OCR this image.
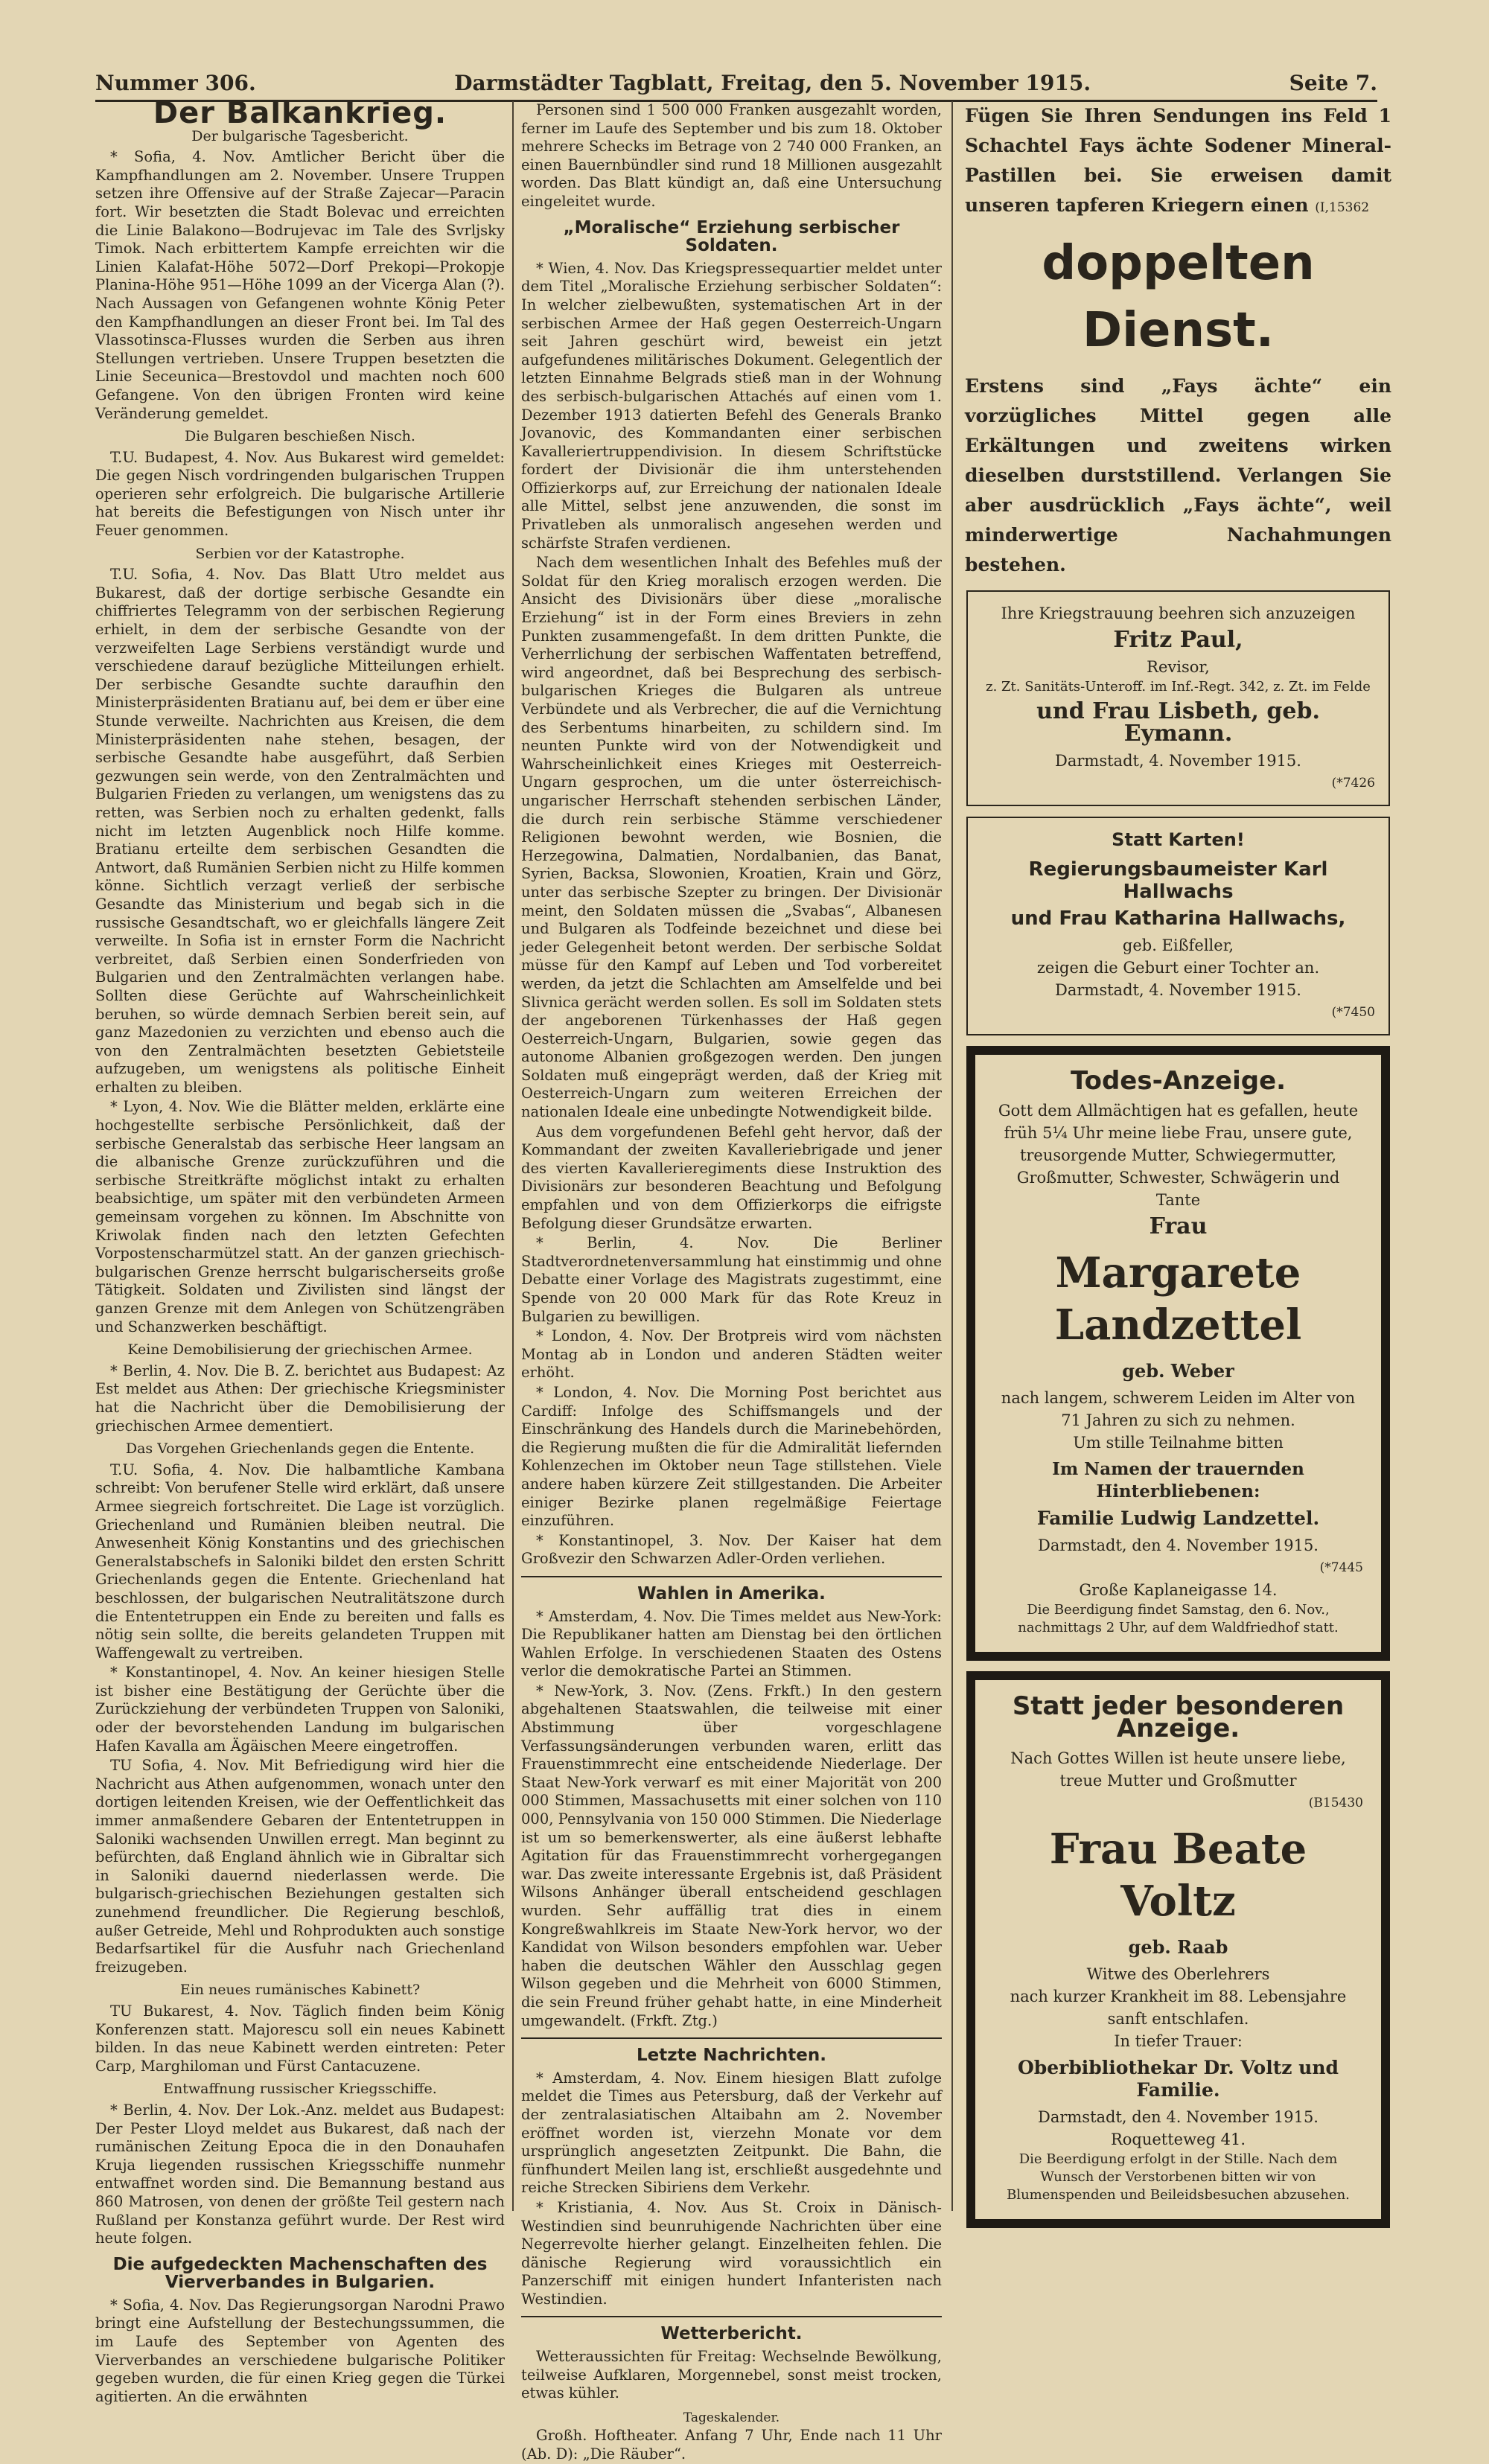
Nummer 306.	Darmstädter Tagblatt, Freitag, den 5. November 1915.	Seite 7.
Der Balkankrieg.
Der bulgarische Tagesbericht.

* Sofia, 4. Nov. Amtlicher Bericht über die Kampfhandlungen am 2. November. Unsere Truppen setzen ihre Offensive auf der Straße Zajecar—Paracin fort. Wir besetzten die Stadt Bolevac und erreichten die Linie Balakono—Bodrujevac im Tale des Svrljsky Timok. Nach erbittertem Kampfe erreichten wir die Linien Kalafat-Höhe 5072—Dorf Prekopi—Prokopje Planina-Höhe 951—Höhe 1099 an der Vicerga Alan (?). Nach Aussagen von Gefangenen wohnte König Peter den Kampfhandlungen an dieser Front bei. Im Tal des Vlassotinsca-Flusses wurden die Serben aus ihren Stellungen vertrieben. Unsere Truppen besetzten die Linie Seceunica—Brestovdol und machten noch 600 Gefangene. Von den übrigen Fronten wird keine Veränderung gemeldet.

Die Bulgaren beschießen Nisch.

T.U. Budapest, 4. Nov. Aus Bukarest wird gemeldet: Die gegen Nisch vordringenden bulgarischen Truppen operieren sehr erfolgreich. Die bulgarische Artillerie hat bereits die Befestigungen von Nisch unter ihr Feuer genommen.

Serbien vor der Katastrophe.

T.U. Sofia, 4. Nov. Das Blatt Utro meldet aus Bukarest, daß der dortige serbische Gesandte ein chiffriertes Telegramm von der serbischen Regierung erhielt, in dem der serbische Gesandte von der verzweifelten Lage Serbiens verständigt wurde und verschiedene darauf bezügliche Mitteilungen erhielt. Der serbische Gesandte suchte daraufhin den Ministerpräsidenten Bratianu auf, bei dem er über eine Stunde verweilte. Nachrichten aus Kreisen, die dem Ministerpräsidenten nahe stehen, besagen, der serbische Gesandte habe ausgeführt, daß Serbien gezwungen sein werde, von den Zentralmächten und Bulgarien Frieden zu verlangen, um wenigstens das zu retten, was Serbien noch zu erhalten gedenkt, falls nicht im letzten Augenblick noch Hilfe komme. Bratianu erteilte dem serbischen Gesandten die Antwort, daß Rumänien Serbien nicht zu Hilfe kommen könne. Sichtlich verzagt verließ der serbische Gesandte das Ministerium und begab sich in die russische Gesandtschaft, wo er gleichfalls längere Zeit verweilte. In Sofia ist in ernster Form die Nachricht verbreitet, daß Serbien einen Sonderfrieden von Bulgarien und den Zentralmächten verlangen habe. Sollten diese Gerüchte auf Wahrscheinlichkeit beruhen, so würde demnach Serbien bereit sein, auf ganz Mazedonien zu verzichten und ebenso auch die von den Zentralmächten besetzten Gebietsteile aufzugeben, um wenigstens als politische Einheit erhalten zu bleiben.

* Lyon, 4. Nov. Wie die Blätter melden, erklärte eine hochgestellte serbische Persönlichkeit, daß der serbische Generalstab das serbische Heer langsam an die albanische Grenze zurückzuführen und die serbische Streitkräfte möglichst intakt zu erhalten beabsichtige, um später mit den verbündeten Armeen gemeinsam vorgehen zu können. Im Abschnitte von Kriwolak finden nach den letzten Gefechten Vorpostenscharmützel statt. An der ganzen griechisch-bulgarischen Grenze herrscht bulgarischerseits große Tätigkeit. Soldaten und Zivilisten sind längst der ganzen Grenze mit dem Anlegen von Schützengräben und Schanzwerken beschäftigt.

Keine Demobilisierung der griechischen Armee.

* Berlin, 4. Nov. Die B. Z. berichtet aus Budapest: Az Est meldet aus Athen: Der griechische Kriegsminister hat die Nachricht über die Demobilisierung der griechischen Armee dementiert.

Das Vorgehen Griechenlands gegen die Entente.

T.U. Sofia, 4. Nov. Die halbamtliche Kambana schreibt: Von berufener Stelle wird erklärt, daß unsere Armee siegreich fortschreitet. Die Lage ist vorzüglich. Griechenland und Rumänien bleiben neutral. Die Anwesenheit König Konstantins und des griechischen Generalstabschefs in Saloniki bildet den ersten Schritt Griechenlands gegen die Entente. Griechenland hat beschlossen, der bulgarischen Neutralitätszone durch die Ententetruppen ein Ende zu bereiten und falls es nötig sein sollte, die bereits gelandeten Truppen mit Waffengewalt zu vertreiben.

* Konstantinopel, 4. Nov. An keiner hiesigen Stelle ist bisher eine Bestätigung der Gerüchte über die Zurückziehung der verbündeten Truppen von Saloniki, oder der bevorstehenden Landung im bulgarischen Hafen Kavalla am Ägäischen Meere eingetroffen.

TU Sofia, 4. Nov. Mit Befriedigung wird hier die Nachricht aus Athen aufgenommen, wonach unter den dortigen leitenden Kreisen, wie der Oeffentlichkeit das immer anmaßendere Gebaren der Ententetruppen in Saloniki wachsenden Unwillen erregt. Man beginnt zu befürchten, daß England ähnlich wie in Gibraltar sich in Saloniki dauernd niederlassen werde. Die bulgarisch-griechischen Beziehungen gestalten sich zunehmend freundlicher. Die Regierung beschloß, außer Getreide, Mehl und Rohprodukten auch sonstige Bedarfsartikel für die Ausfuhr nach Griechenland freizugeben.

Ein neues rumänisches Kabinett?

TU Bukarest, 4. Nov. Täglich finden beim König Konferenzen statt. Majorescu soll ein neues Kabinett bilden. In das neue Kabinett werden eintreten: Peter Carp, Marghiloman und Fürst Cantacuzene.

Entwaffnung russischer Kriegsschiffe.

* Berlin, 4. Nov. Der Lok.-Anz. meldet aus Budapest: Der Pester Lloyd meldet aus Bukarest, daß nach der rumänischen Zeitung Epoca die in den Donauhafen Kruja liegenden russischen Kriegsschiffe nunmehr entwaffnet worden sind. Die Bemannung bestand aus 860 Matrosen, von denen der größte Teil gestern nach Rußland per Konstanza geführt wurde. Der Rest wird heute folgen.

Die aufgedeckten Machenschaften des Vierverbandes in Bulgarien.

* Sofia, 4. Nov. Das Regierungsorgan Narodni Prawo bringt eine Aufstellung der Bestechungssummen, die im Laufe des September von Agenten des Vierverbandes an verschiedene bulgarische Politiker gegeben wurden, die für einen Krieg gegen die Türkei agitierten. An die erwähnten

Personen sind 1 500 000 Franken ausgezahlt worden, ferner im Laufe des September und bis zum 18. Oktober mehrere Schecks im Betrage von 2 740 000 Franken, an einen Bauernbündler sind rund 18 Millionen ausgezahlt worden. Das Blatt kündigt an, daß eine Untersuchung eingeleitet wurde.

„Moralische“ Erziehung serbischer Soldaten.

* Wien, 4. Nov. Das Kriegspressequartier meldet unter dem Titel „Moralische Erziehung serbischer Soldaten“: In welcher zielbewußten, systematischen Art in der serbischen Armee der Haß gegen Oesterreich-Ungarn seit Jahren geschürt wird, beweist ein jetzt aufgefundenes militärisches Dokument. Gelegentlich der letzten Einnahme Belgrads stieß man in der Wohnung des serbisch-bulgarischen Attachés auf einen vom 1. Dezember 1913 datierten Befehl des Generals Branko Jovanovic, des Kommandanten einer serbischen Kavalleriertruppendivision. In diesem Schriftstücke fordert der Divisionär die ihm unterstehenden Offizierkorps auf, zur Erreichung der nationalen Ideale alle Mittel, selbst jene anzuwenden, die sonst im Privatleben als unmoralisch angesehen werden und schärfste Strafen verdienen.

Nach dem wesentlichen Inhalt des Befehles muß der Soldat für den Krieg moralisch erzogen werden. Die Ansicht des Divisionärs über diese „moralische Erziehung“ ist in der Form eines Breviers in zehn Punkten zusammengefaßt. In dem dritten Punkte, die Verherrlichung der serbischen Waffentaten betreffend, wird angeordnet, daß bei Besprechung des serbisch-bulgarischen Krieges die Bulgaren als untreue Verbündete und als Verbrecher, die auf die Vernichtung des Serbentums hinarbeiten, zu schildern sind. Im neunten Punkte wird von der Notwendigkeit und Wahrscheinlichkeit eines Krieges mit Oesterreich-Ungarn gesprochen, um die unter österreichisch-ungarischer Herrschaft stehenden serbischen Länder, die durch rein serbische Stämme verschiedener Religionen bewohnt werden, wie Bosnien, die Herzegowina, Dalmatien, Nordalbanien, das Banat, Syrien, Backsa, Slowonien, Kroatien, Krain und Görz, unter das serbische Szepter zu bringen. Der Divisionär meint, den Soldaten müssen die „Svabas“, Albanesen und Bulgaren als Todfeinde bezeichnet und diese bei jeder Gelegenheit betont werden. Der serbische Soldat müsse für den Kampf auf Leben und Tod vorbereitet werden, da jetzt die Schlachten am Amselfelde und bei Slivnica gerächt werden sollen. Es soll im Soldaten stets der angeborenen Türkenhasses der Haß gegen Oesterreich-Ungarn, Bulgarien, sowie gegen das autonome Albanien großgezogen werden. Den jungen Soldaten muß eingeprägt werden, daß der Krieg mit Oesterreich-Ungarn zum weiteren Erreichen der nationalen Ideale eine unbedingte Notwendigkeit bilde.

Aus dem vorgefundenen Befehl geht hervor, daß der Kommandant der zweiten Kavalleriebrigade und jener des vierten Kavallerieregiments diese Instruktion des Divisionärs zur besonderen Beachtung und Befolgung empfahlen und von dem Offizierkorps die eifrigste Befolgung dieser Grundsätze erwarten.

* Berlin, 4. Nov. Die Berliner Stadtverordnetenversammlung hat einstimmig und ohne Debatte einer Vorlage des Magistrats zugestimmt, eine Spende von 20 000 Mark für das Rote Kreuz in Bulgarien zu bewilligen.

* London, 4. Nov. Der Brotpreis wird vom nächsten Montag ab in London und anderen Städten weiter erhöht.

* London, 4. Nov. Die Morning Post berichtet aus Cardiff: Infolge des Schiffsmangels und der Einschränkung des Handels durch die Marinebehörden, die Regierung mußten die für die Admiralität liefernden Kohlenzechen im Oktober neun Tage stillstehen. Viele andere haben kürzere Zeit stillgestanden. Die Arbeiter einiger Bezirke planen regelmäßige Feiertage einzuführen.

* Konstantinopel, 3. Nov. Der Kaiser hat dem Großvezir den Schwarzen Adler-Orden verliehen.

Wahlen in Amerika.

* Amsterdam, 4. Nov. Die Times meldet aus New-York: Die Republikaner hatten am Dienstag bei den örtlichen Wahlen Erfolge. In verschiedenen Staaten des Ostens verlor die demokratische Partei an Stimmen.

* New-York, 3. Nov. (Zens. Frkft.) In den gestern abgehaltenen Staatswahlen, die teilweise mit einer Abstimmung über vorgeschlagene Verfassungsänderungen verbunden waren, erlitt das Frauenstimmrecht eine entscheidende Niederlage. Der Staat New-York verwarf es mit einer Majorität von 200 000 Stimmen, Massachusetts mit einer solchen von 110 000, Pennsylvania von 150 000 Stimmen. Die Niederlage ist um so bemerkenswerter, als eine äußerst lebhafte Agitation für das Frauenstimmrecht vorhergegangen war. Das zweite interessante Ergebnis ist, daß Präsident Wilsons Anhänger überall entscheidend geschlagen wurden. Sehr auffällig trat dies in einem Kongreßwahlkreis im Staate New-York hervor, wo der Kandidat von Wilson besonders empfohlen war. Ueber haben die deutschen Wähler den Ausschlag gegen Wilson gegeben und die Mehrheit von 6000 Stimmen, die sein Freund früher gehabt hatte, in eine Minderheit umgewandelt. (Frkft. Ztg.)

Letzte Nachrichten.

* Amsterdam, 4. Nov. Einem hiesigen Blatt zufolge meldet die Times aus Petersburg, daß der Verkehr auf der zentralasiatischen Altaibahn am 2. November eröffnet worden ist, vierzehn Monate vor dem ursprünglich angesetzten Zeitpunkt. Die Bahn, die fünfhundert Meilen lang ist, erschließt ausgedehnte und reiche Strecken Sibiriens dem Verkehr.

* Kristiania, 4. Nov. Aus St. Croix in Dänisch-Westindien sind beunruhigende Nachrichten über eine Negerrevolte hierher gelangt. Einzelheiten fehlen. Die dänische Regierung wird voraussichtlich ein Panzerschiff mit einigen hundert Infanteristen nach Westindien.

Wetterbericht.

Wetteraussichten für Freitag: Wechselnde Bewölkung, teilweise Aufklaren, Morgennebel, sonst meist trocken, etwas kühler.

Tageskalender.

Großh. Hoftheater. Anfang 7 Uhr, Ende nach 11 Uhr (Ab. D): „Die Räuber“.

Fügen Sie Ihren Sendungen ins Feld 1 Schachtel Fays ächte Sodener Mineral-Pastillen bei. Sie erweisen damit unseren tapferen Kriegern einen (I,15362
doppelten Dienst.
Erstens sind „Fays ächte“ ein vorzügliches Mittel gegen alle Erkältungen und zweitens wirken dieselben durststillend. Verlangen Sie aber ausdrücklich „Fays ächte“, weil minderwertige Nachahmungen bestehen.
Ihre Kriegstrauung beehren sich anzuzeigen
Fritz Paul,
Revisor,
z. Zt. Sanitäts-Unteroff. im Inf.-Regt. 342, z. Zt. im Felde
und Frau Lisbeth, geb. Eymann.
Darmstadt, 4. November 1915.
(*7426
Statt Karten!
Regierungsbaumeister Karl Hallwachs
und Frau Katharina Hallwachs,
geb. Eißfeller,
zeigen die Geburt einer Tochter an.
Darmstadt, 4. November 1915.
(*7450
Todes-Anzeige.
Gott dem Allmächtigen hat es gefallen, heute früh 5¼ Uhr meine liebe Frau, unsere gute, treusorgende Mutter, Schwiegermutter, Großmutter, Schwester, Schwägerin und Tante
Frau
Margarete Landzettel
geb. Weber
nach langem, schwerem Leiden im Alter von 71 Jahren zu sich zu nehmen.
Um stille Teilnahme bitten
Im Namen der trauernden Hinterbliebenen:
Familie Ludwig Landzettel.
Darmstadt, den 4. November 1915.
(*7445
Große Kaplaneigasse 14.
Die Beerdigung findet Samstag, den 6. Nov., nachmittags 2 Uhr, auf dem Waldfriedhof statt.
Statt jeder besonderen Anzeige.
Nach Gottes Willen ist heute unsere liebe, treue Mutter und Großmutter
(B15430
Frau Beate Voltz
geb. Raab
Witwe des Oberlehrers
nach kurzer Krankheit im 88. Lebensjahre sanft entschlafen.
In tiefer Trauer:
Oberbibliothekar Dr. Voltz und Familie.
Darmstadt, den 4. November 1915.
Roquetteweg 41.
Die Beerdigung erfolgt in der Stille. Nach dem Wunsch der Verstorbenen bitten wir von Blumenspenden und Beileidsbesuchen abzusehen.
